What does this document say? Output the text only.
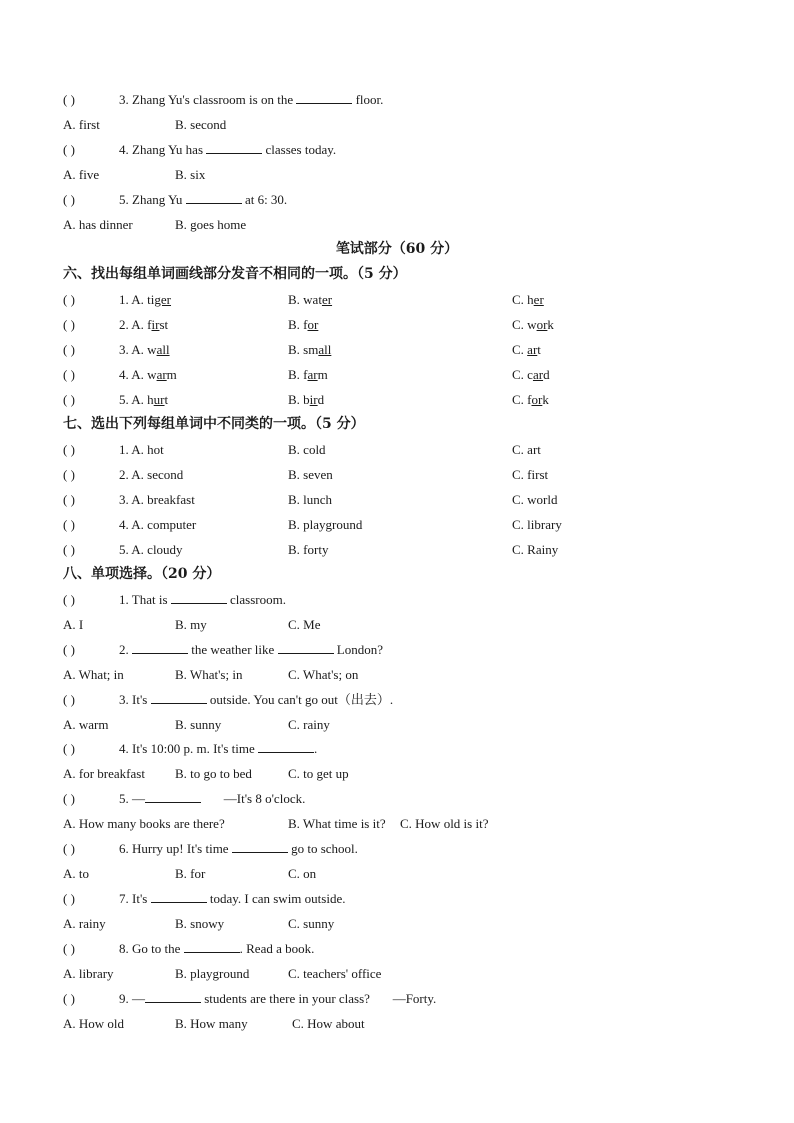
( )	3. Zhang Yu's classroom is on the	floor.
A. first	B. second
( )	4. Zhang Yu has	classes today.
A. five	B. six
( )	5. Zhang Yu	at 6: 30.
A. has dinner	B. goes home
笔试部分（60 分）
六、找出每组单词画线部分发音不相同的一项。（5 分）
( )	1. A. tiger	B. water	C. her
( )	2. A. first	B. for	C. work
( )	3. A. wall	B. small	C. art
( )	4. A. warm	B. farm	C. card
( )	5. A. hurt	B. bird	C. fork
七、选出下列每组单词中不同类的一项。（5 分）
( )	1. A. hot	B. cold	C. art
( )	2. A. second	B. seven	C. first
( )	3. A. breakfast	B. lunch	C. world
( )	4. A. computer	B. playground	C. library
( )	5. A. cloudy	B. forty	C. Rainy
八、单项选择。（20 分）
( )	1. That is	classroom.
A. I	B. my	C. Me
( )	2.	the weather like	London?
A. What; in	B. What's; in	C. What's; on
( )	3. It's	outside. You can't go out（出去）.
A. warm	B. sunny	C. rainy
( )	4. It's 10:00 p. m. It's time	.
A. for breakfast B. to go to bed	C. to get up
( )	5. —	—It's 8 o'clock.
A. How many books are there?	B. What time is it? C. How old is it?
( )	6. Hurry up! It's time	go to school.
A. to	B. for	C. on
( )	7. It's	today. I can swim outside.
A. rainy	B. snowy	C. sunny
( )	8. Go to the	. Read a book.
A. library	B. playground	C. teachers' office
( )	9. —	students are there in your class? —Forty.
A. How old	B. How many	C. How about
